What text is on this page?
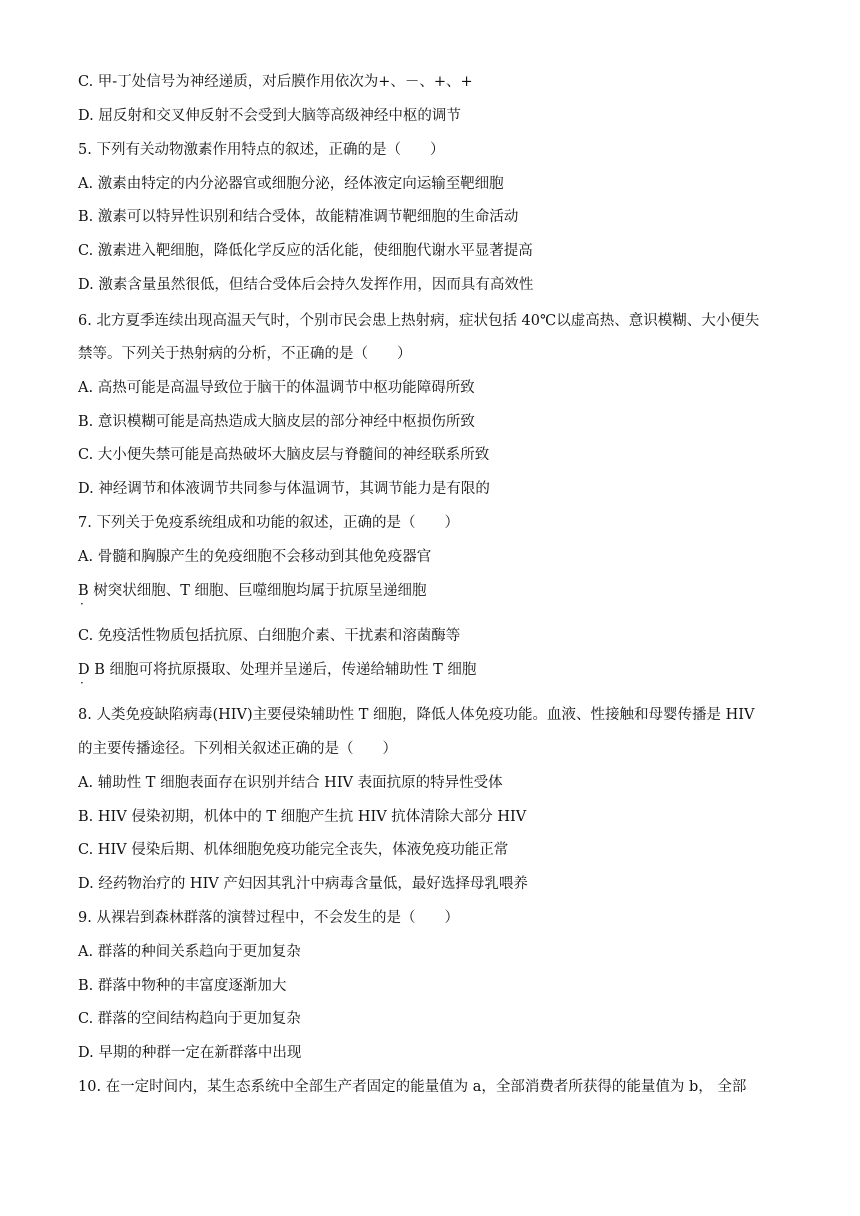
C. 甲-丁处信号为神经递质，对后膜作用依次为+、－、+、+
D. 屈反射和交叉伸反射不会受到大脑等高级神经中枢的调节
5. 下列有关动物激素作用特点的叙述，正确的是（　　）
A. 激素由特定的内分泌器官或细胞分泌，经体液定向运输至靶细胞
B. 激素可以特异性识别和结合受体，故能精准调节靶细胞的生命活动
C. 激素进入靶细胞，降低化学反应的活化能，使细胞代谢水平显著提高
D. 激素含量虽然很低，但结合受体后会持久发挥作用，因而具有高效性
6. 北方夏季连续出现高温天气时，个别市民会患上热射病，症状包括 40℃以虚高热、意识模糊、大小便失
禁等。下列关于热射病的分析，不正确的是（　　）
A. 高热可能是高温导致位于脑干的体温调节中枢功能障碍所致
B. 意识模糊可能是高热造成大脑皮层的部分神经中枢损伤所致
C. 大小便失禁可能是高热破坏大脑皮层与脊髓间的神经联系所致
D. 神经调节和体液调节共同参与体温调节，其调节能力是有限的
7. 下列关于免疫系统组成和功能的叙述，正确的是（　　）
A. 骨髓和胸腺产生的免疫细胞不会移动到其他免疫器官
B 树突状细胞、T 细胞、巨噬细胞均属于抗原呈递细胞
·
C. 免疫活性物质包括抗原、白细胞介素、干扰素和溶菌酶等
D B 细胞可将抗原摄取、处理并呈递后，传递给辅助性 T 细胞
·
8. 人类免疫缺陷病毒(HIV)主要侵染辅助性 T 细胞，降低人体免疫功能。血液、性接触和母婴传播是 HIV
的主要传播途径。下列相关叙述正确的是（　　）
A. 辅助性 T 细胞表面存在识别并结合 HIV 表面抗原的特异性受体
B. HIV 侵染初期，机体中的 T 细胞产生抗 HIV 抗体清除大部分 HIV
C. HIV 侵染后期、机体细胞免疫功能完全丧失，体液免疫功能正常
D. 经药物治疗的 HIV 产妇因其乳汁中病毒含量低，最好选择母乳喂养
9. 从裸岩到森林群落的演替过程中，不会发生的是（　　）
A. 群落的种间关系趋向于更加复杂
B. 群落中物种的丰富度逐渐加大
C. 群落的空间结构趋向于更加复杂
D. 早期的种群一定在新群落中出现
10. 在一定时间内，某生态系统中全部生产者固定的能量值为 a，全部消费者所获得的能量值为 b， 全部
